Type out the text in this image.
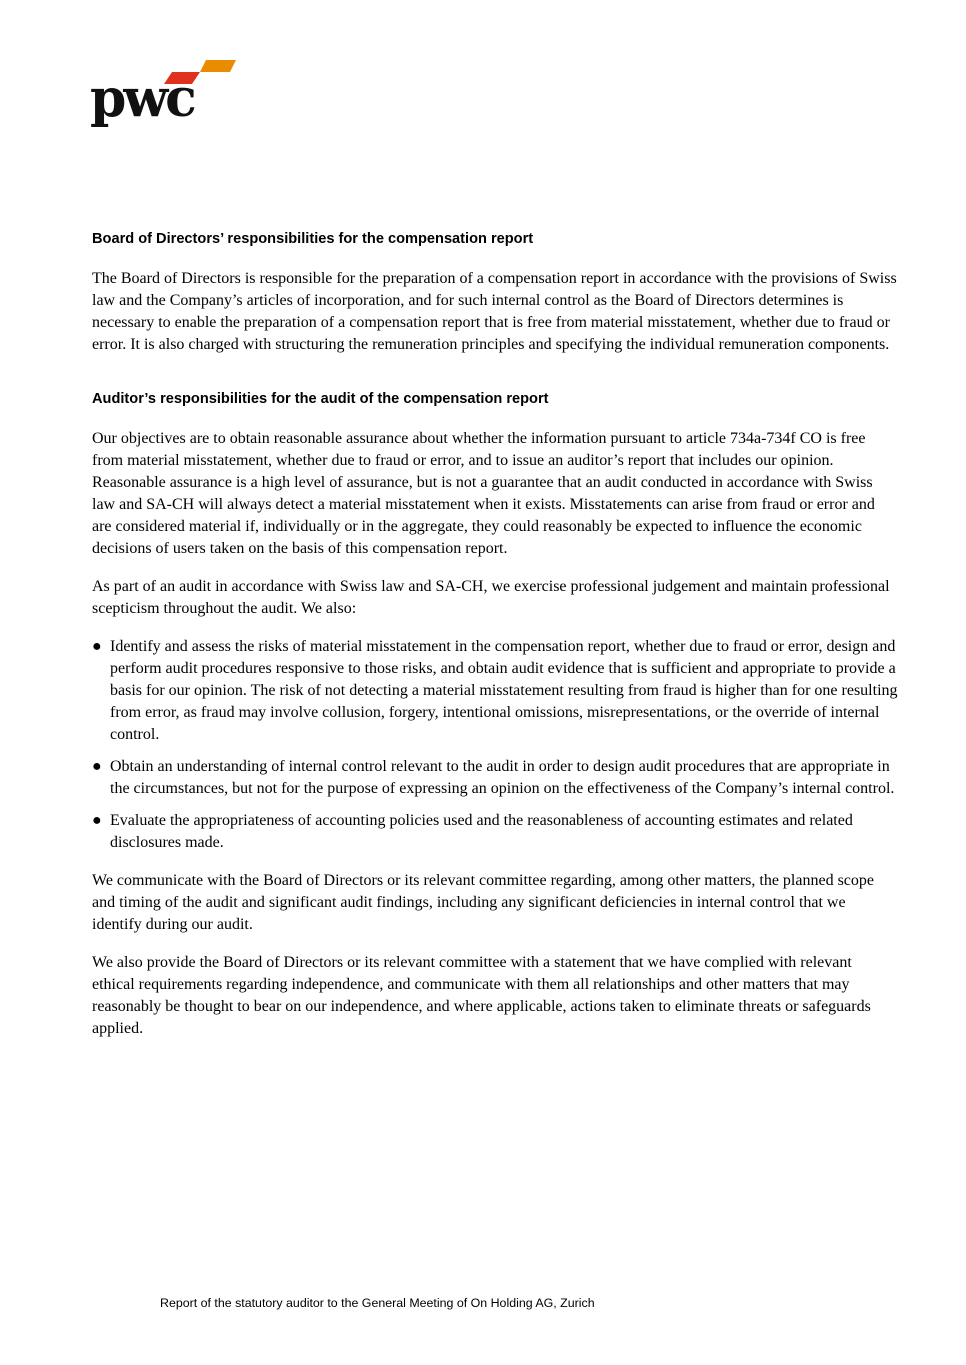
pwc
Board of Directors’ responsibilities for the compensation report

The Board of Directors is responsible for the preparation of a compensation report in accordance with the provisions of Swiss law and the Company’s articles of incorporation, and for such internal control as the Board of Directors determines is necessary to enable the preparation of a compensation report that is free from material misstatement, whether due to fraud or error. It is also charged with structuring the remuneration principles and specifying the individual remuneration components.

Auditor’s responsibilities for the audit of the compensation report

Our objectives are to obtain reasonable assurance about whether the information pursuant to article 734a-734f CO is free from material misstatement, whether due to fraud or error, and to issue an auditor’s report that includes our opinion. Reasonable assurance is a high level of assurance, but is not a guarantee that an audit conducted in accordance with Swiss law and SA-CH will always detect a material misstatement when it exists. Misstatements can arise from fraud or error and are considered material if, individually or in the aggregate, they could reasonably be expected to influence the economic decisions of users taken on the basis of this compensation report.

As part of an audit in accordance with Swiss law and SA-CH, we exercise professional judgement and maintain professional scepticism throughout the audit. We also:

● Identify and assess the risks of material misstatement in the compensation report, whether due to fraud or error, design and perform audit procedures responsive to those risks, and obtain audit evidence that is sufficient and appropriate to provide a basis for our opinion. The risk of not detecting a material misstatement resulting from fraud is higher than for one resulting from error, as fraud may involve collusion, forgery, intentional omissions, misrepresentations, or the override of internal control.
● Obtain an understanding of internal control relevant to the audit in order to design audit procedures that are appropriate in the circumstances, but not for the purpose of expressing an opinion on the effectiveness of the Company’s internal control.
● Evaluate the appropriateness of accounting policies used and the reasonableness of accounting estimates and related disclosures made.

We communicate with the Board of Directors or its relevant committee regarding, among other matters, the planned scope and timing of the audit and significant audit findings, including any significant deficiencies in internal control that we identify during our audit.

We also provide the Board of Directors or its relevant committee with a statement that we have complied with relevant ethical requirements regarding independence, and communicate with them all relationships and other matters that may reasonably be thought to bear on our independence, and where applicable, actions taken to eliminate threats or safeguards applied.

Report of the statutory auditor to the General Meeting of On Holding AG, Zurich
